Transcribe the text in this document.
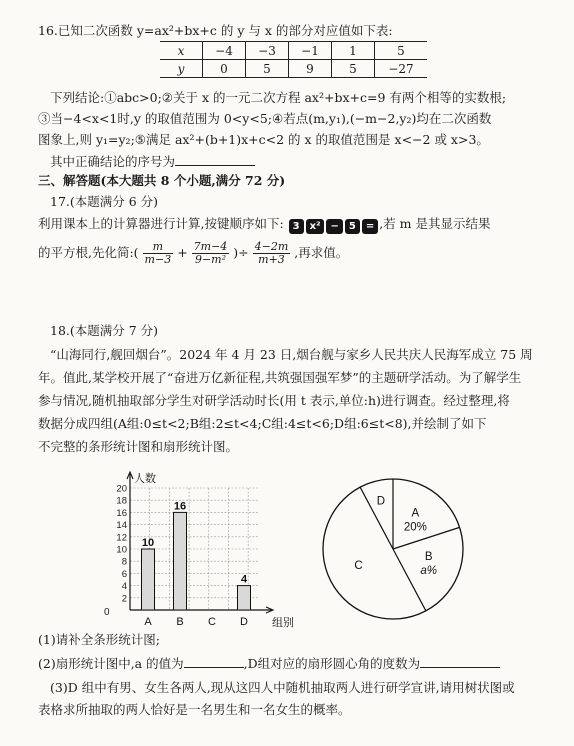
16.已知二次函数 y=ax²+bx+c 的 y 与 x 的部分对应值如下表:
x	−4	−3	−1	1	5
y	0	5	9	5	−27
下列结论:①abc>0;②关于 x 的一元二次方程 ax²+bx+c=9 有两个相等的实数根;
③当−4<x<1时,y 的取值范围为 0<y<5;④若点(m,y₁),(−m−2,y₂)均在二次函数
图象上,则 y₁=y₂;⑤满足 ax²+(b+1)x+c<2 的 x 的取值范围是 x<−2 或 x>3。
其中正确结论的序号为
三、解答题(本大题共 8 个小题,满分 72 分)
17.(本题满分 6 分)
利用课本上的计算器进行计算,按键顺序如下: 3 x² − 5 = ,若 m 是其显示结果
的平方根,先化简:( $\frac{m}{m-3} + \frac{7m-4}{\text{9−m²}}$ )÷ $\frac{4-2m}{m+3}$ ,再求值。
18.(本题满分 7 分)
“山海同行,舰回烟台”。2024 年 4 月 23 日,烟台舰与家乡人民共庆人民海军成立 75 周
年。值此,某学校开展了“奋进万亿新征程,共筑强国强军梦”的主题研学活动。为了解学生
参与情况,随机抽取部分学生对研学活动时长(用 t 表示,单位:h)进行调查。经过整理,将
数据分成四组(A组:0≤t<2;B组:2≤t<4;C组:4≤t<6;D组:6≤t<8),并绘制了如下
不完整的条形统计图和扇形统计图。
2
4
6
8
10
12
14
16
18
20
0
人数
组别
A
10
B
16
C D
4
A
20%
B
a%
C
D
(1)请补全条形统计图;
(2)扇形统计图中,a 的值为	,D组对应的扇形圆心角的度数为
(3)D 组中有男、女生各两人,现从这四人中随机抽取两人进行研学宣讲,请用树状图或
表格求所抽取的两人恰好是一名男生和一名女生的概率。
